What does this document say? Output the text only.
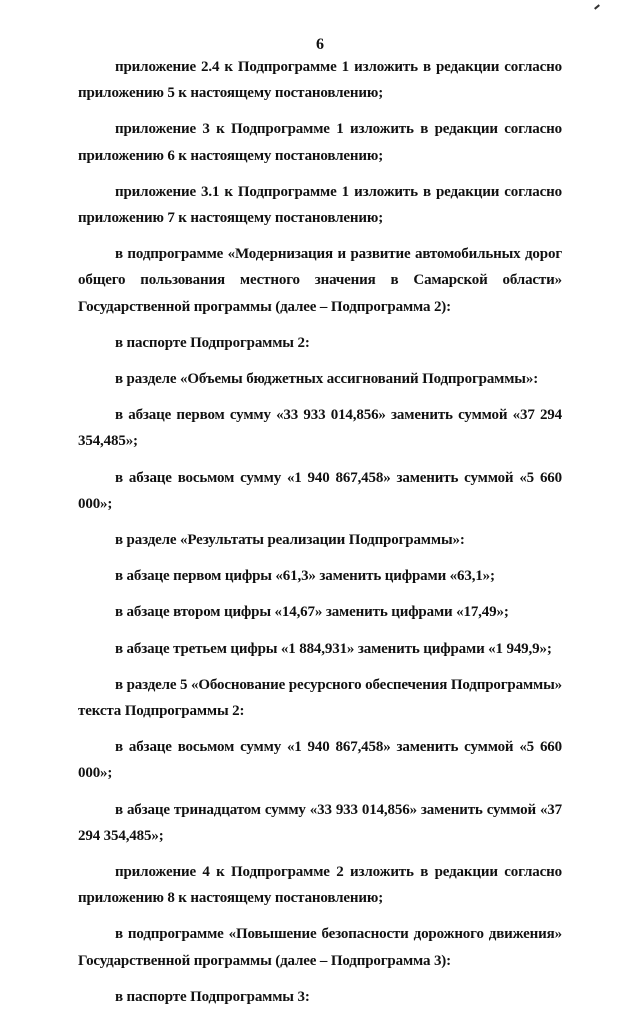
6

приложение 2.4 к Подпрограмме 1 изложить в редакции согласно приложению 5 к настоящему постановлению;

приложение 3 к Подпрограмме 1 изложить в редакции согласно приложению 6 к настоящему постановлению;

приложение 3.1 к Подпрограмме 1 изложить в редакции согласно приложению 7 к настоящему постановлению;

в подпрограмме «Модернизация и развитие автомобильных дорог общего пользования местного значения в Самарской области» Государственной программы (далее – Подпрограмма 2):

в паспорте Подпрограммы 2:

в разделе «Объемы бюджетных ассигнований Подпрограммы»:

в абзаце первом сумму «33 933 014,856» заменить суммой «37 294 354,485»;

в абзаце восьмом сумму «1 940 867,458» заменить суммой «5 660 000»;

в разделе «Результаты реализации Подпрограммы»:

в абзаце первом цифры «61,3» заменить цифрами «63,1»;

в абзаце втором цифры «14,67» заменить цифрами «17,49»;

в абзаце третьем цифры «1 884,931» заменить цифрами «1 949,9»;

в разделе 5 «Обоснование ресурсного обеспечения Подпрограммы» текста Подпрограммы 2:

в абзаце восьмом сумму «1 940 867,458» заменить суммой «5 660 000»;

в абзаце тринадцатом сумму «33 933 014,856» заменить суммой «37 294 354,485»;

приложение 4 к Подпрограмме 2 изложить в редакции согласно приложению 8 к настоящему постановлению;

в подпрограмме «Повышение безопасности дорожного движения» Государственной программы (далее – Подпрограмма 3):

в паспорте Подпрограммы 3:
